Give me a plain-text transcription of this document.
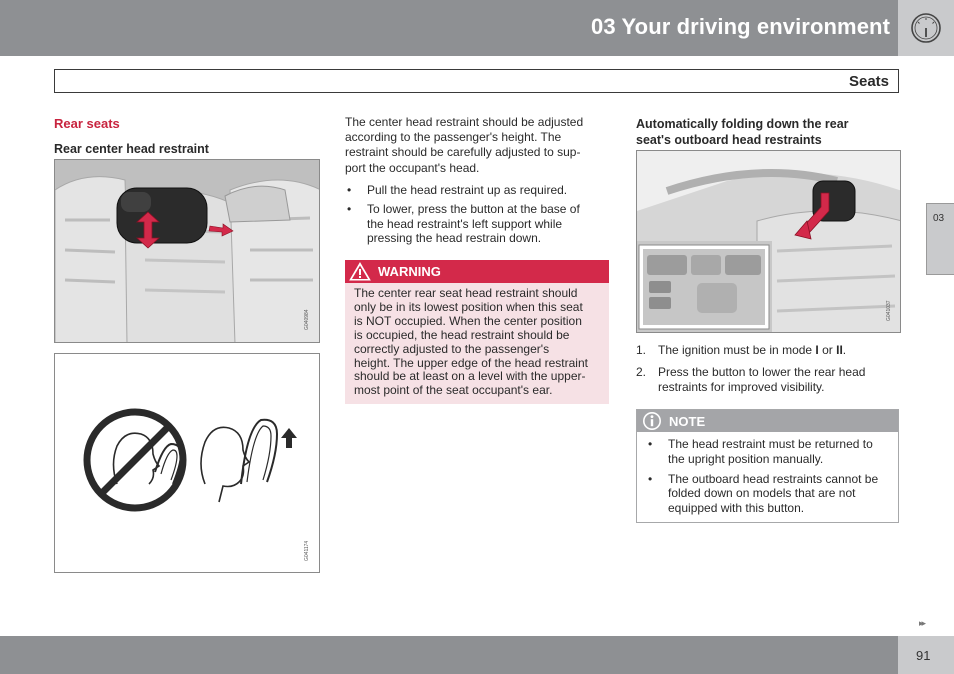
03 Your driving environment
Seats
03
Rear seats
Rear center head restraint
G040984
G041174
The center head restraint should be adjusted
according to the passenger's height. The
restraint should be carefully adjusted to sup-
port the occupant's head.
• Pull the head restraint up as required.
• To lower, press the button at the base of
the head restraint's left support while
pressing the head restrain down.
WARNING
The center rear seat head restraint should
only be in its lowest position when this seat
is NOT occupied. When the center position
is occupied, the head restraint should be
correctly adjusted to the passenger's
height. The upper edge of the head restraint
should be at least on a level with the upper-
most point of the seat occupant's ear.
Automatically folding down the rear
seat's outboard head restraints
G041037
1. The ignition must be in mode I or II.
2. Press the button to lower the rear head
restraints for improved visibility.
NOTE
• The head restraint must be returned to
the upright position manually.
• The outboard head restraints cannot be
folded down on models that are not
equipped with this button.
▸▸
91
